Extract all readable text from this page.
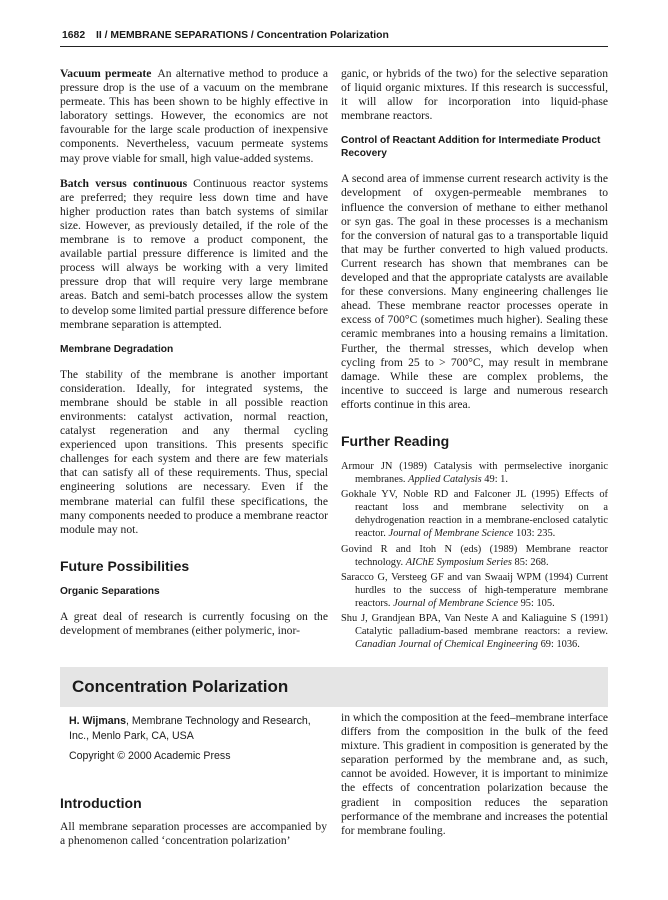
1682 II / MEMBRANE SEPARATIONS / Concentration Polarization

Vacuum permeate An alternative method to produce a pressure drop is the use of a vacuum on the membrane permeate. This has been shown to be highly effective in laboratory settings. However, the economics are not favourable for the large scale production of inexpensive components. Nevertheless, vacuum permeate systems may prove viable for small, high value-added systems.

Batch versus continuous Continuous reactor systems are preferred; they require less down time and have higher production rates than batch systems of similar size. However, as previously detailed, if the role of the membrane is to remove a product component, the available partial pressure difference is limited and the process will always be working with a very limited pressure drop that will require very large membrane areas. Batch and semi-batch processes allow the system to develop some limited partial pressure difference before membrane separation is attempted.

Membrane Degradation

The stability of the membrane is another important consideration. Ideally, for integrated systems, the membrane should be stable in all possible reaction environments: catalyst activation, normal reaction, catalyst regeneration and any thermal cycling experienced upon transitions. This presents specific challenges for each system and there are few materials that can satisfy all of these requirements. Thus, special engineering solutions are necessary. Even if the membrane material can fulfil these specifications, the many components needed to produce a membrane reactor module may not.

Future Possibilities
Organic Separations

A great deal of research is currently focusing on the development of membranes (either polymeric, inor-

ganic, or hybrids of the two) for the selective separation of liquid organic mixtures. If this research is successful, it will allow for incorporation into liquid-phase membrane reactors.

Control of Reactant Addition for Intermediate Product Recovery

A second area of immense current research activity is the development of oxygen-permeable membranes to influence the conversion of methane to either methanol or syn gas. The goal in these processes is a mechanism for the conversion of natural gas to a transportable liquid that may be further converted to high valued products. Current research has shown that membranes can be developed and that the appropriate catalysts are available for these conversions. Many engineering challenges lie ahead. These membrane reactor processes operate in excess of 700°C (sometimes much higher). Sealing these ceramic membranes into a housing remains a limitation. Further, the thermal stresses, which develop when cycling from 25 to > 700°C, may result in membrane damage. While these are complex problems, the incentive to succeed is large and numerous research efforts continue in this area.

Further Reading
Armour JN (1989) Catalysis with permselective inorganic membranes. Applied Catalysis 49: 1.
Gokhale YV, Noble RD and Falconer JL (1995) Effects of reactant loss and membrane selectivity on a dehydrogenation reaction in a membrane-enclosed catalytic reactor. Journal of Membrane Science 103: 235.
Govind R and Itoh N (eds) (1989) Membrane reactor technology. AIChE Symposium Series 85: 268.
Saracco G, Versteeg GF and van Swaaij WPM (1994) Current hurdles to the success of high-temperature membrane reactors. Journal of Membrane Science 95: 105.
Shu J, Grandjean BPA, Van Neste A and Kaliaguine S (1991) Catalytic palladium-based membrane reactors: a review. Canadian Journal of Chemical Engineering 69: 1036.
Concentration Polarization
H. Wijmans, Membrane Technology and Research, Inc., Menlo Park, CA, USA
Copyright © 2000 Academic Press
Introduction

All membrane separation processes are accompanied by a phenomenon called ‘concentration polarization’

in which the composition at the feed–membrane interface differs from the composition in the bulk of the feed mixture. This gradient in composition is generated by the separation performed by the membrane and, as such, cannot be avoided. However, it is important to minimize the effects of concentration polarization because the gradient in composition reduces the separation performance of the membrane and increases the potential for membrane fouling.
